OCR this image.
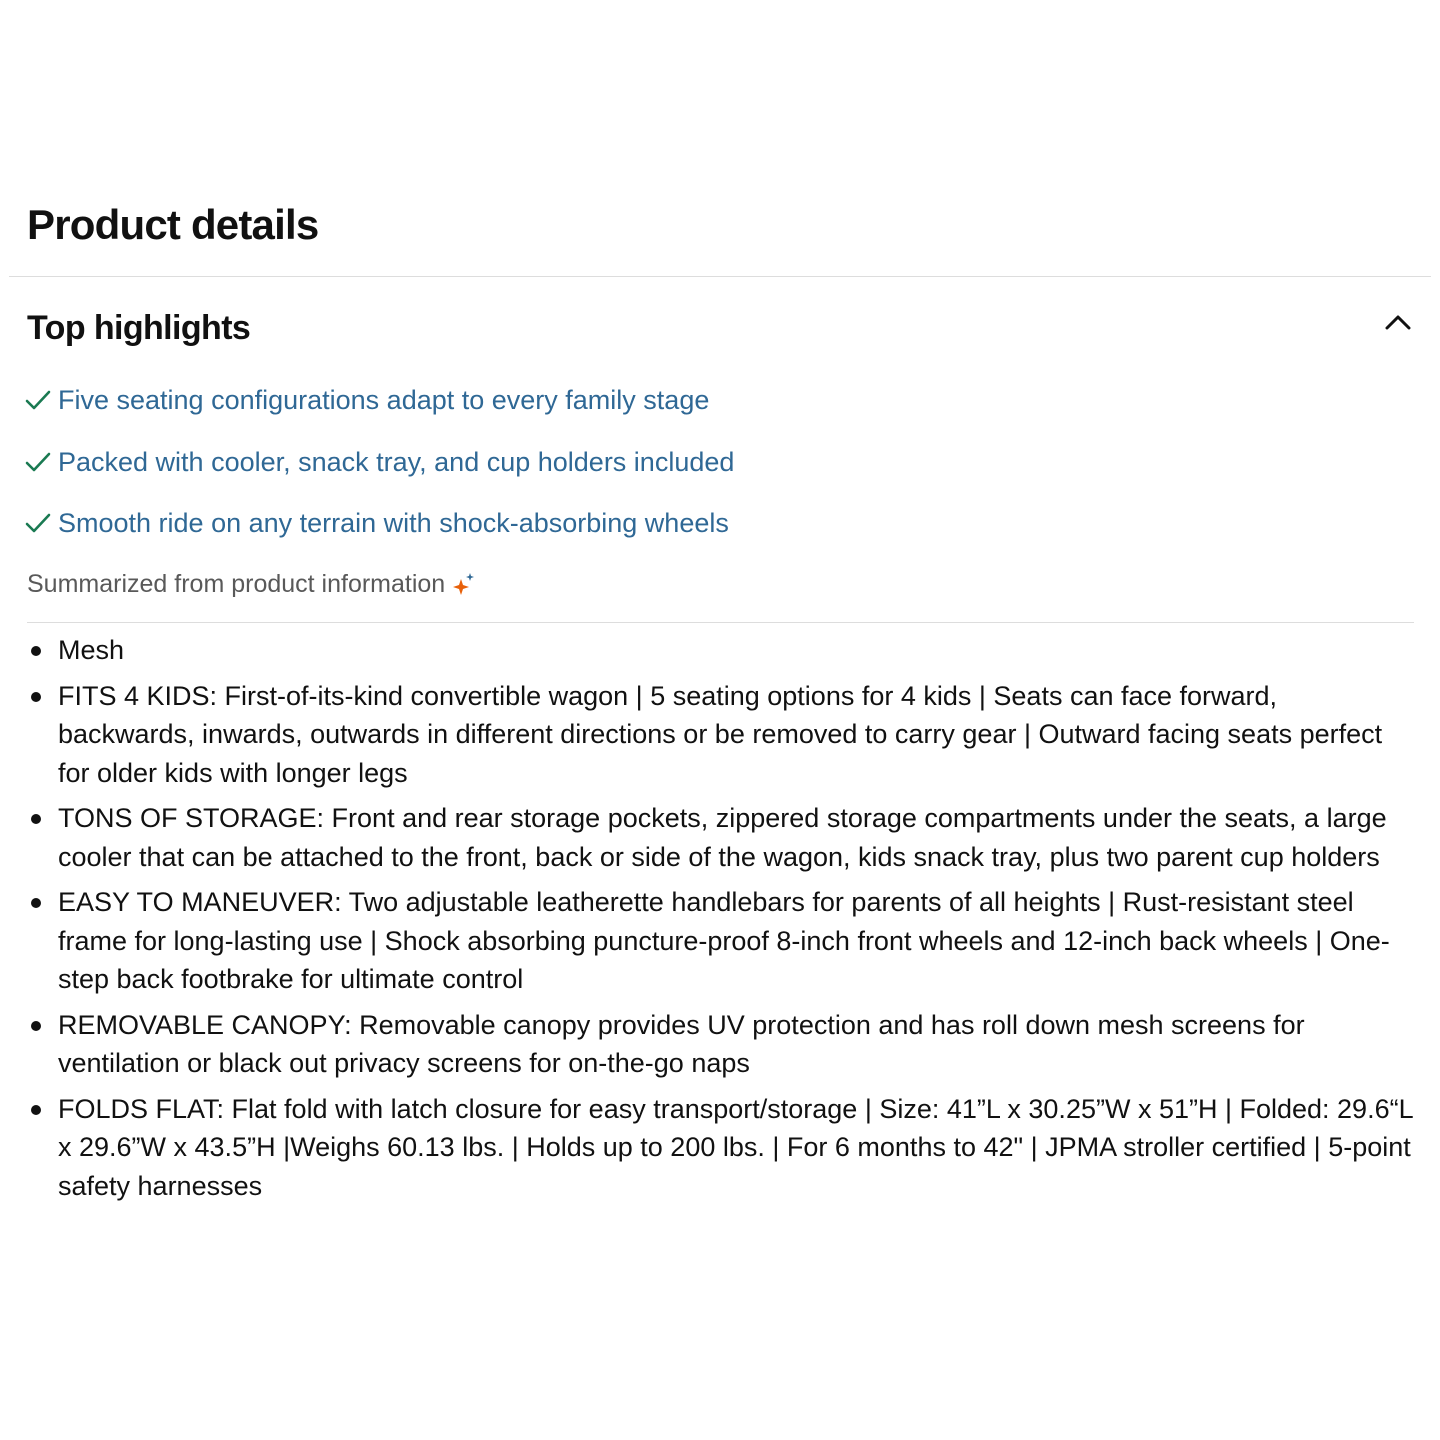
Product details
Top highlights
Five seating configurations adapt to every family stage
Packed with cooler, snack tray, and cup holders included
Smooth ride on any terrain with shock-absorbing wheels
Summarized from product information
Mesh
FITS 4 KIDS: First-of-its-kind convertible wagon | 5 seating options for 4 kids | Seats can face forward, backwards, inwards, outwards in different directions or be removed to carry gear | Outward facing seats perfect for older kids with longer legs
TONS OF STORAGE: Front and rear storage pockets, zippered storage compartments under the seats, a large cooler that can be attached to the front, back or side of the wagon, kids snack tray, plus two parent cup holders
EASY TO MANEUVER: Two adjustable leatherette handlebars for parents of all heights | Rust-resistant steel frame for long-lasting use | Shock absorbing puncture-proof 8-inch front wheels and 12-inch back wheels | One-step back footbrake for ultimate control
REMOVABLE CANOPY: Removable canopy provides UV protection and has roll down mesh screens for ventilation or black out privacy screens for on-the-go naps
FOLDS FLAT: Flat fold with latch closure for easy transport/storage | Size: 41”L x 30.25”W x 51”H | Folded: 29.6“L x 29.6”W x 43.5”H |Weighs 60.13 lbs. | Holds up to 200 lbs. | For 6 months to 42" | JPMA stroller certified | 5-point safety harnesses
